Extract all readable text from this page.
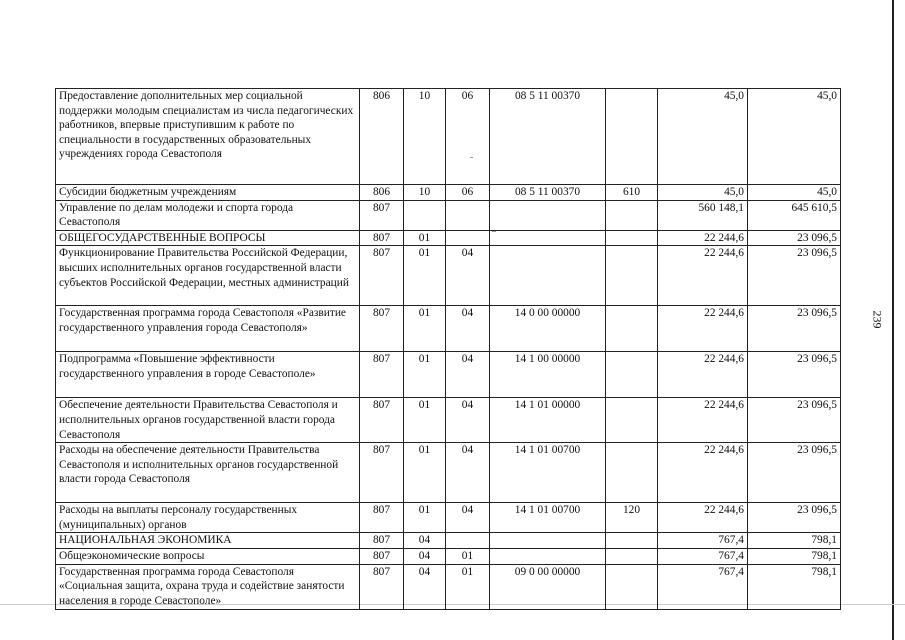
239
Предоставление дополнительных мер социальной поддержки молодым специалистам из числа педагогических работников, впервые приступившим к работе по специальности в государственных образовательных учреждениях города Севастополя	806	10	06	08 5 11 00370		45,0	45,0
Субсидии бюджетным учреждениям	806	10	06	08 5 11 00370	610	45,0	45,0
Управление по делам молодежи и спорта города Севастополя	807					560 148,1	645 610,5
ОБЩЕГОСУДАРСТВЕННЫЕ ВОПРОСЫ	807	01				22 244,6	23 096,5
Функционирование Правительства Российской Федерации, высших исполнительных органов государственной власти субъектов Российской Федерации, местных администраций	807	01	04			22 244,6	23 096,5
Государственная программа города Севастополя «Развитие государственного управления города Севастополя»	807	01	04	14 0 00 00000		22 244,6	23 096,5
Подпрограмма «Повышение эффективности государственного управления в городе Севастополе»	807	01	04	14 1 00 00000		22 244,6	23 096,5
Обеспечение деятельности Правительства Севастополя и исполнительных органов государственной власти города Севастополя	807	01	04	14 1 01 00000		22 244,6	23 096,5
Расходы на обеспечение деятельности Правительства Севастополя и исполнительных органов государственной власти города Севастополя	807	01	04	14 1 01 00700		22 244,6	23 096,5
Расходы на выплаты персоналу государственных (муниципальных) органов	807	01	04	14 1 01 00700	120	22 244,6	23 096,5
НАЦИОНАЛЬНАЯ ЭКОНОМИКА	807	04				767,4	798,1
Общеэкономические вопросы	807	04	01			767,4	798,1
Государственная программа города Севастополя «Социальная защита, охрана труда и содействие занятости населения в городе Севастополе»	807	04	01	09 0 00 00000		767,4	798,1
